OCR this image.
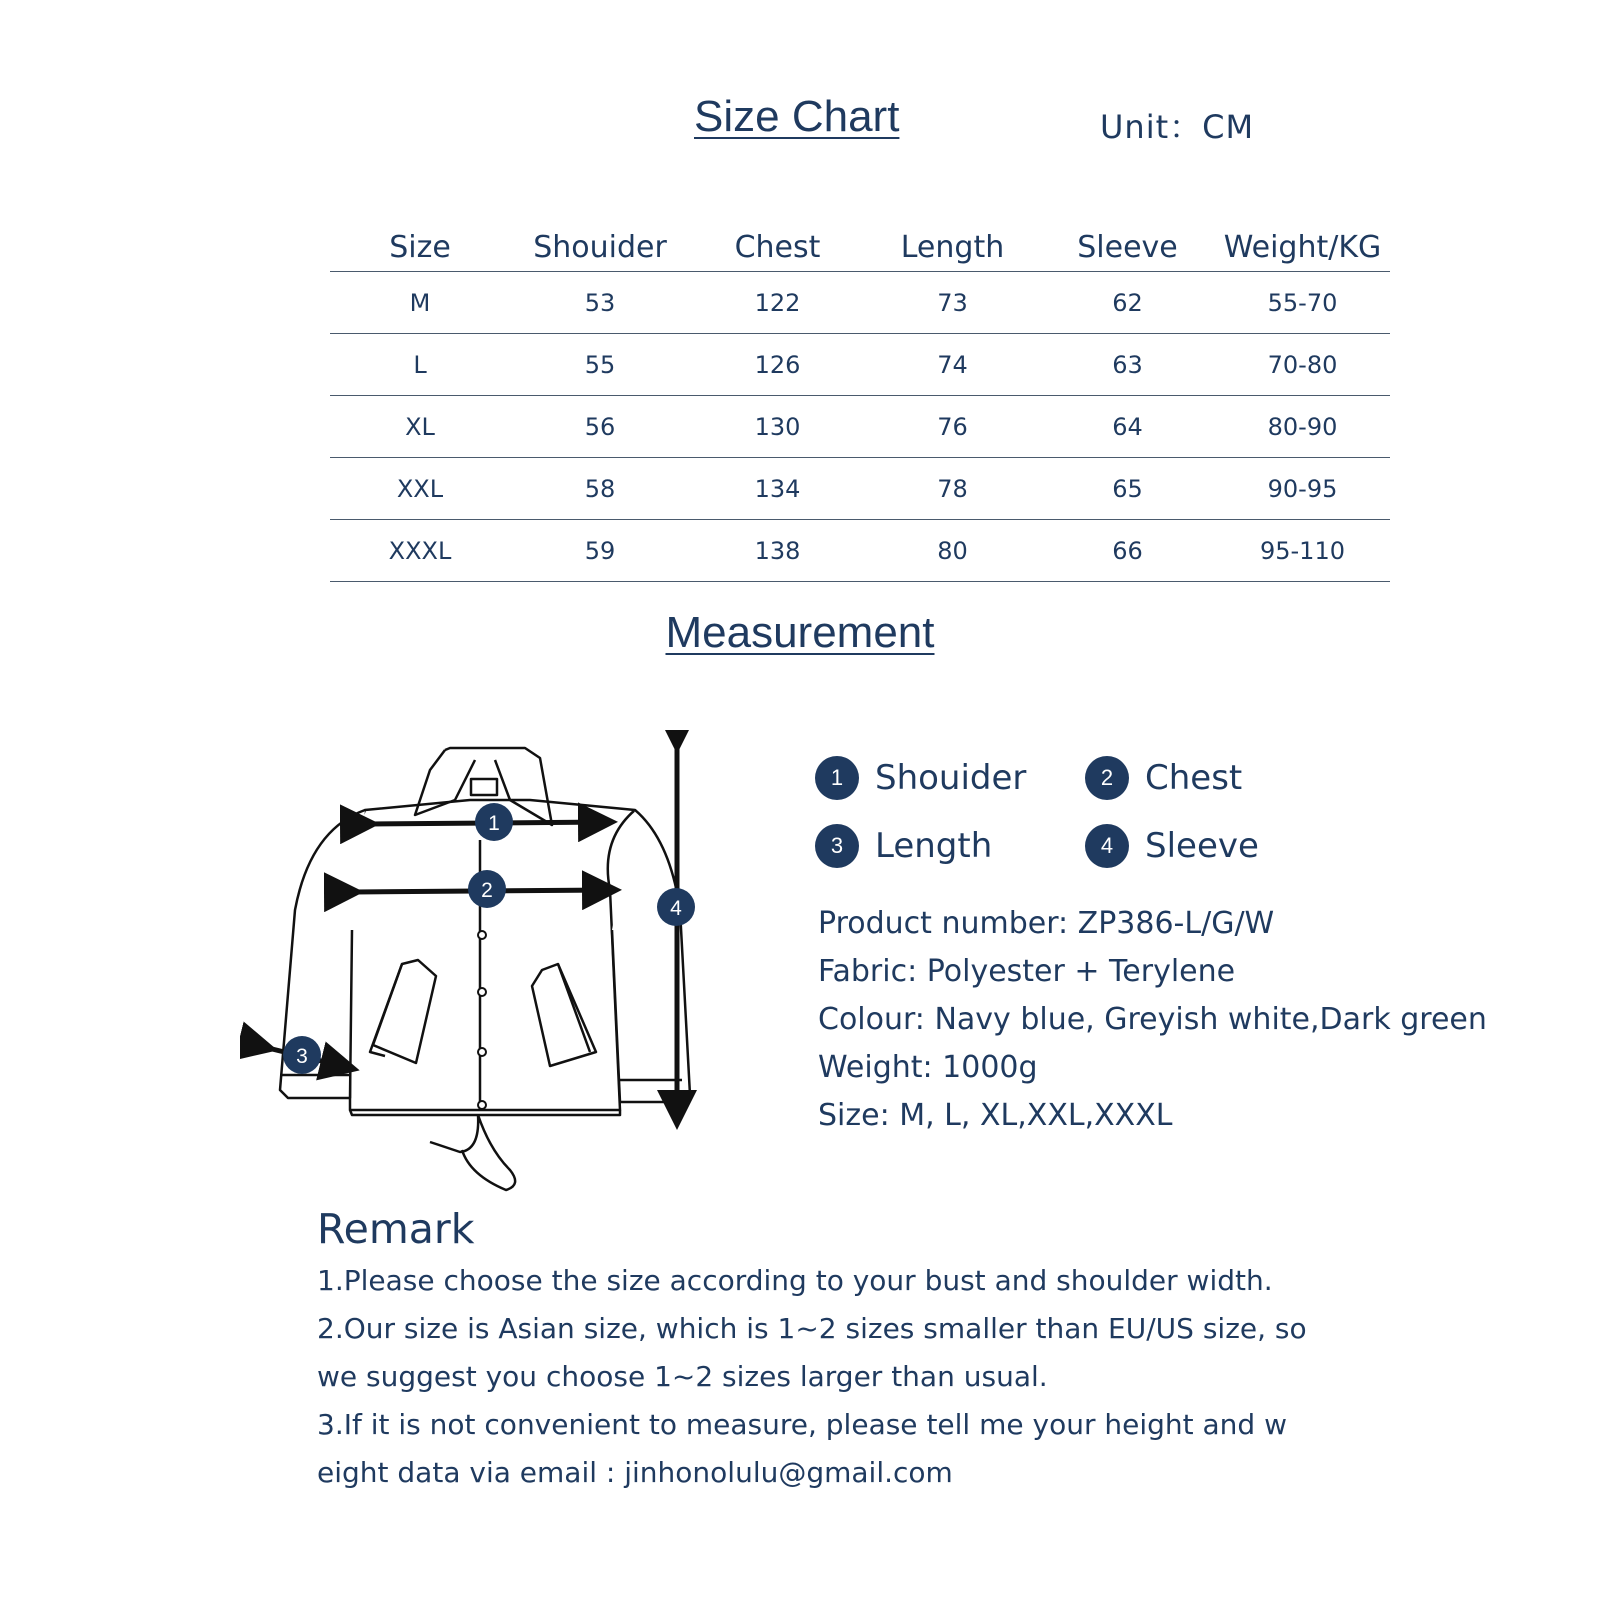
Size Chart	Unit：CM
Size	Shouider	Chest	Length	Sleeve	Weight/KG
M	53	122	73	62	55-70
L	55	126	74	63	70-80
XL	56	130	76	64	80-90
XXL	58	134	78	65	90-95
XXXL	59	138	80	66	95-110
Measurement
1
2
3
4
1 Shouider	2 Chest
3 Length	4 Sleeve
Product number: ZP386-L/G/W
Fabric: Polyester + Terylene
Colour: Navy blue, Greyish white,Dark green
Weight: 1000g
Size: M, L, XL,XXL,XXXL
Remark
1.Please choose the size according to your bust and shoulder width.
2.Our size is Asian size, which is 1~2 sizes smaller than EU/US size, so
we suggest you choose 1~2 sizes larger than usual.
3.If it is not convenient to measure, please tell me your height and w
eight data via email : jinhonolulu@gmail.com
